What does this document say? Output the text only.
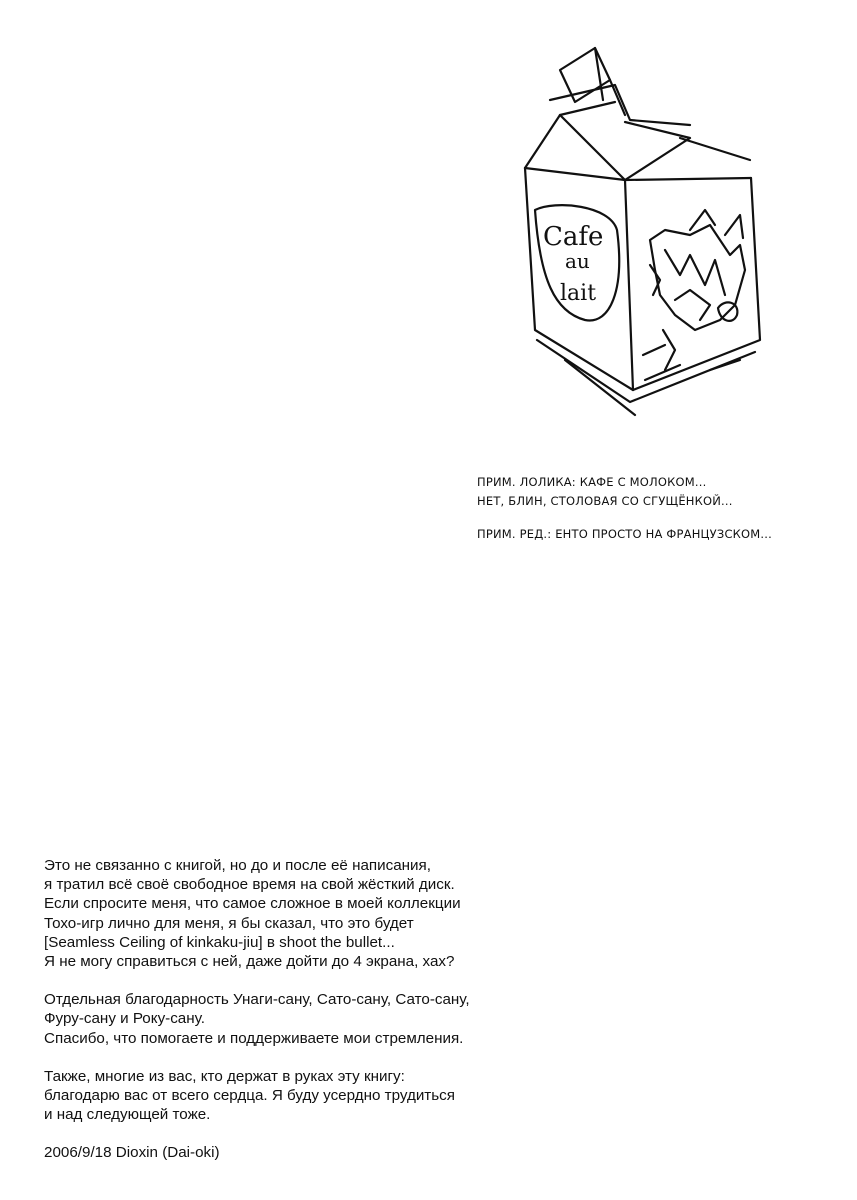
Cafe
au
lait
ПРИМ. ЛОЛИКА: КАФЕ С МОЛОКОМ...
НЕТ, БЛИН, СТОЛОВАЯ СО СГУЩЁНКОЙ...
ПРИМ. РЕД.: ЕНТО ПРОСТО НА ФРАНЦУЗСКОМ...
Это не связанно с книгой, но до и после её написания,
я тратил всё своё свободное время на свой жёсткий диск.
Если спросите меня, что самое сложное в моей коллекции
Тохо-игр лично для меня, я бы сказал, что это будет
[Seamless Ceiling of kinkaku-jiu] в shoot the bullet...
Я не могу справиться с ней, даже дойти до 4 экрана, хах?
Отдельная благодарность Унаги-сану, Сато-сану, Сато-сану,
Фуру-сану и Року-сану.
Спасибо, что помогаете и поддерживаете мои стремления.
Также, многие из вас, кто держат в руках эту книгу:
благодарю вас от всего сердца. Я буду усердно трудиться
и над следующей тоже.
2006/9/18 Dioxin (Dai-oki)
